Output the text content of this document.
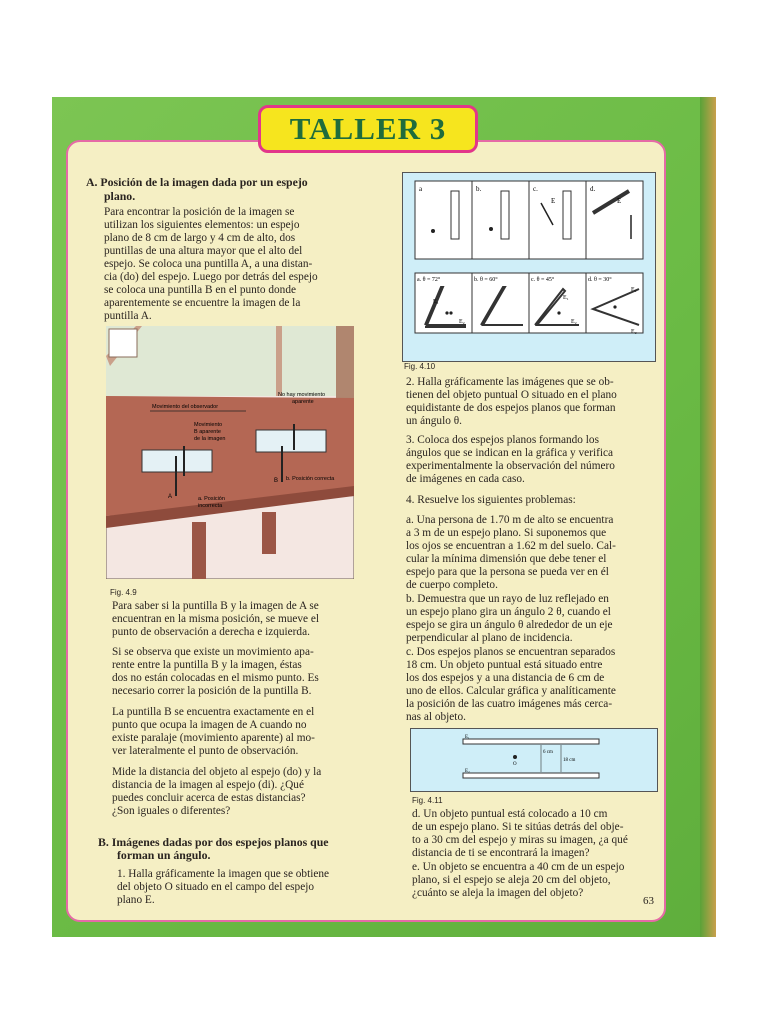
TALLER 3

A. Posición de la imagen dada por un espejo

plano.

Para encontrar la posición de la imagen se

utilizan los siguientes elementos: un espejo

plano de 8 cm de largo y 4 cm de alto, dos

puntillas de una altura mayor que el alto del

espejo. Se coloca una puntilla A, a una distan-

cia (do) del espejo. Luego por detrás del espejo

se coloca una puntilla B en el punto donde

aparentemente se encuentre la imagen de la

puntilla A.

Movimiento del observador
No hay movimiento
aparente
Movimiento
B aparente
de la imagen
A
B
a. Posición
incorrecta
b. Posición correcta
Fig. 4.9

Para saber si la puntilla B y la imagen de A se

encuentran en la misma posición, se mueve el

punto de observación a derecha e izquierda.

Si se observa que existe un movimiento apa-

rente entre la puntilla B y la imagen, éstas

dos no están colocadas en el mismo punto. Es

necesario correr la posición de la puntilla B.

La puntilla B se encuentra exactamente en el

punto que ocupa la imagen de A cuando no

existe paralaje (movimiento aparente) al mo-

ver lateralmente el punto de observación.

Mide la distancia del objeto al espejo (do) y la

distancia de la imagen al espejo (di). ¿Qué

puedes concluir acerca de estas distancias?

¿Son iguales o diferentes?

B. Imágenes dadas por dos espejos planos que

forman un ángulo.

1. Halla gráficamente la imagen que se obtiene

del objeto O situado en el campo del espejo

plano E.

a	b.	c.	d.
E	E
a. θ = 72°	b. θ = 60°	c. θ = 45°	d. θ = 30°
E₁
E₂
E₁
E₂
E₁
E₂
Fig. 4.10

2. Halla gráficamente las imágenes que se ob-

tienen del objeto puntual O situado en el plano

equidistante de dos espejos planos que forman

un ángulo θ.

3. Coloca dos espejos planos formando los

ángulos que se indican en la gráfica y verifica

experimentalmente la observación del número

de imágenes en cada caso.

4. Resuelve los siguientes problemas:

a. Una persona de 1.70 m de alto se encuentra

a 3 m de un espejo plano. Si suponemos que

los ojos se encuentran a 1.62 m del suelo. Cal-

cular la mínima dimensión que debe tener el

espejo para que la persona se pueda ver en él

de cuerpo completo.

b. Demuestra que un rayo de luz reflejado en

un espejo plano gira un ángulo 2 θ, cuando el

espejo se gira un ángulo θ alrededor de un eje

perpendicular al plano de incidencia.

c. Dos espejos planos se encuentran separados

18 cm. Un objeto puntual está situado entre

los dos espejos y a una distancia de 6 cm de

uno de ellos. Calcular gráfica y analíticamente

la posición de las cuatro imágenes más cerca-

nas al objeto.

E₁
E₂
O
6 cm
18 cm
Fig. 4.11

d. Un objeto puntual está colocado a 10 cm

de un espejo plano. Si te sitúas detrás del obje-

to a 30 cm del espejo y miras su imagen, ¿a qué

distancia de ti se encontrará la imagen?

e. Un objeto se encuentra a 40 cm de un espejo

plano, si el espejo se aleja 20 cm del objeto,

¿cuánto se aleja la imagen del objeto?

63
